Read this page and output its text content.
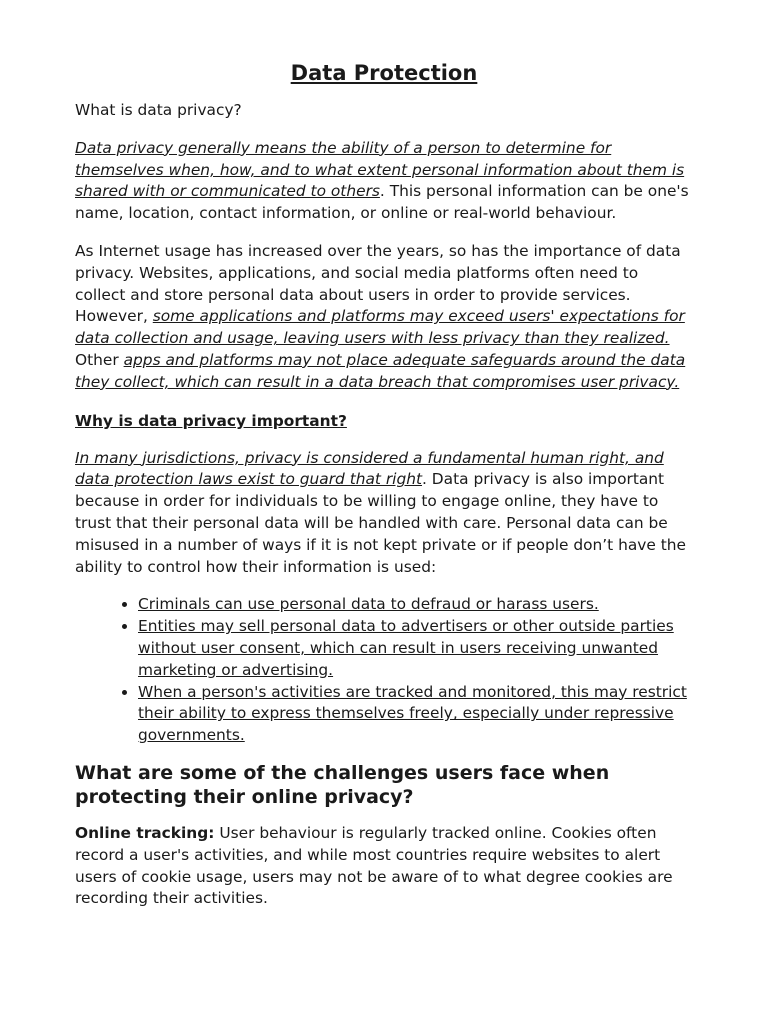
Data Protection

What is data privacy?

Data privacy generally means the ability of a person to determine for themselves when, how, and to what extent personal information about them is shared with or communicated to others. This personal information can be one's name, location, contact information, or online or real-world behaviour.

As Internet usage has increased over the years, so has the importance of data privacy. Websites, applications, and social media platforms often need to collect and store personal data about users in order to provide services. However, some applications and platforms may exceed users' expectations for data collection and usage, leaving users with less privacy than they realized. Other apps and platforms may not place adequate safeguards around the data they collect, which can result in a data breach that compromises user privacy.

Why is data privacy important?

In many jurisdictions, privacy is considered a fundamental human right, and data protection laws exist to guard that right. Data privacy is also important because in order for individuals to be willing to engage online, they have to trust that their personal data will be handled with care. Personal data can be misused in a number of ways if it is not kept private or if people don’t have the ability to control how their information is used:

• Criminals can use personal data to defraud or harass users.
• Entities may sell personal data to advertisers or other outside parties without user consent, which can result in users receiving unwanted marketing or advertising.
• When a person's activities are tracked and monitored, this may restrict their ability to express themselves freely, especially under repressive governments.
What are some of the challenges users face when protecting their online privacy?

Online tracking: User behaviour is regularly tracked online. Cookies often record a user's activities, and while most countries require websites to alert users of cookie usage, users may not be aware of to what degree cookies are recording their activities.
